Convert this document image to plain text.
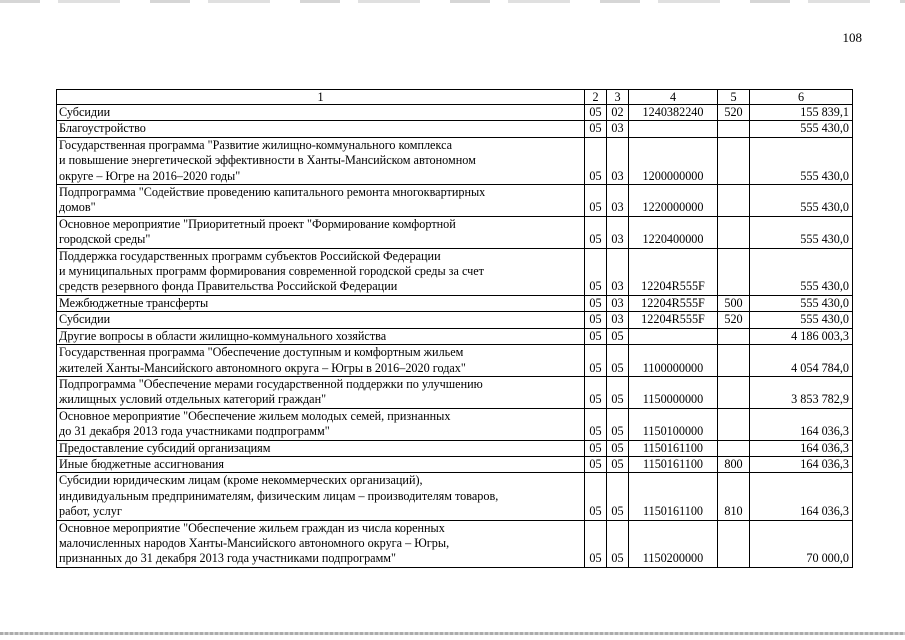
108
1	2	3	4	5	6

Субсидии	05	02	1240382240	520	155 839,1

Благоустройство	05	03			555 430,0

Государственная программа "Развитие жилищно-коммунального комплекса
и повышение энергетической эффективности в Ханты-Мансийском автономном
округе – Югре на 2016–2020 годы"	05	03	1200000000		555 430,0

Подпрограмма "Содействие проведению капитального ремонта многоквартирных
домов"	05	03	1220000000		555 430,0

Основное мероприятие "Приоритетный проект "Формирование комфортной
городской среды"	05	03	1220400000		555 430,0

Поддержка государственных программ субъектов Российской Федерации
и муниципальных программ формирования современной городской среды за счет
средств резервного фонда Правительства Российской Федерации	05	03	12204R555F		555 430,0

Межбюджетные трансферты	05	03	12204R555F	500	555 430,0

Субсидии	05	03	12204R555F	520	555 430,0

Другие вопросы в области жилищно-коммунального хозяйства	05	05			4 186 003,3

Государственная программа "Обеспечение доступным и комфортным жильем
жителей Ханты-Мансийского автономного округа – Югры в 2016–2020 годах"	05	05	1100000000		4 054 784,0

Подпрограмма "Обеспечение мерами государственной поддержки по улучшению
жилищных условий отдельных категорий граждан"	05	05	1150000000		3 853 782,9

Основное мероприятие "Обеспечение жильем молодых семей, признанных
до 31 декабря 2013 года участниками подпрограмм"	05	05	1150100000		164 036,3

Предоставление субсидий организациям	05	05	1150161100		164 036,3

Иные бюджетные ассигнования	05	05	1150161100	800	164 036,3

Субсидии юридическим лицам (кроме некоммерческих организаций),
индивидуальным предпринимателям, физическим лицам – производителям товаров,
работ, услуг	05	05	1150161100	810	164 036,3

Основное мероприятие "Обеспечение жильем граждан из числа коренных
малочисленных народов Ханты-Мансийского автономного округа – Югры,
признанных до 31 декабря 2013 года участниками подпрограмм"	05	05	1150200000		70 000,0
